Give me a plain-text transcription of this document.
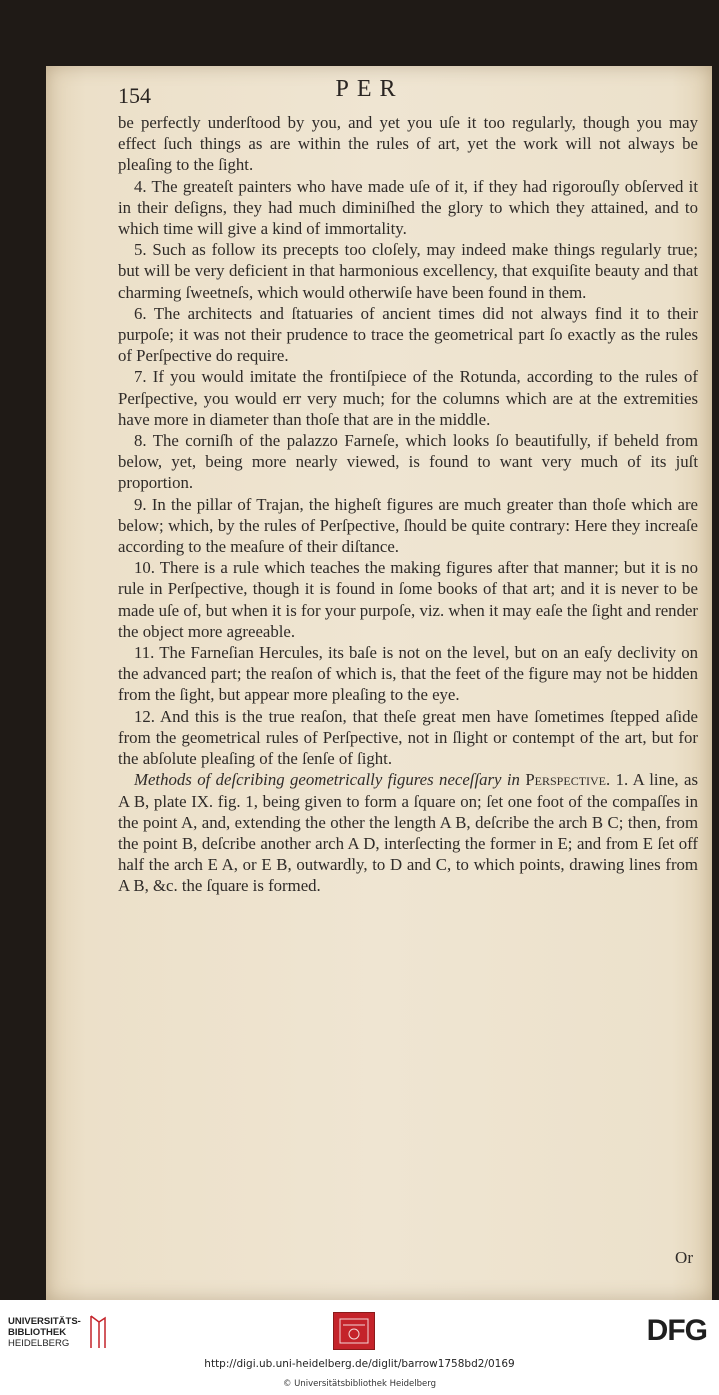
154	PER

be perfectly underſtood by you, and yet you uſe it too regularly, though you may effect ſuch things as are within the rules of art, yet the work will not always be pleaſing to the ſight.

4. The greateſt painters who have made uſe of it, if they had rigorouſly obſerved it in their deſigns, they had much diminiſhed the glory to which they attained, and to which time will give a kind of immortality.

5. Such as follow its precepts too cloſely, may indeed make things regularly true; but will be very deficient in that harmonious excellency, that exquiſite beauty and that charming ſweetneſs, which would otherwiſe have been found in them.

6. The architects and ſtatuaries of ancient times did not always find it to their purpoſe; it was not their prudence to trace the geometrical part ſo exactly as the rules of Perſpective do require.

7. If you would imitate the frontiſpiece of the Rotunda, according to the rules of Perſpective, you would err very much; for the columns which are at the extremities have more in diameter than thoſe that are in the middle.

8. The corniſh of the palazzo Farneſe, which looks ſo beautifully, if beheld from below, yet, being more nearly viewed, is found to want very much of its juſt proportion.

9. In the pillar of Trajan, the higheſt figures are much greater than thoſe which are below; which, by the rules of Perſpective, ſhould be quite contrary: Here they increaſe according to the meaſure of their diſtance.

10. There is a rule which teaches the making figures after that manner; but it is no rule in Perſpective, though it is found in ſome books of that art; and it is never to be made uſe of, but when it is for your purpoſe, viz. when it may eaſe the ſight and render the object more agreeable.

11. The Farneſian Hercules, its baſe is not on the level, but on an eaſy declivity on the advanced part; the reaſon of which is, that the feet of the figure may not be hidden from the ſight, but appear more pleaſing to the eye.

12. And this is the true reaſon, that theſe great men have ſometimes ſtepped aſide from the geometrical rules of Perſpective, not in ſlight or contempt of the art, but for the abſolute pleaſing of the ſenſe of ſight.

Methods of deſcribing geometrically figures neceſſary in Perspective. 1. A line, as A B, plate IX. fig. 1, being given to form a ſquare on; ſet one foot of the compaſſes in the point A, and, extending the other the length A B, deſcribe the arch B C; then, from the point B, deſcribe another arch A D, interſecting the former in E; and from E ſet off half the arch E A, or E B, outwardly, to D and C, to which points, drawing lines from A B, &c. the ſquare is formed.

Or
UNIVERSITÄTS-
BIBLIOTHEK
HEIDELBERG	DFG
http://digi.ub.uni-heidelberg.de/diglit/barrow1758bd2/0169
© Universitätsbibliothek Heidelberg
